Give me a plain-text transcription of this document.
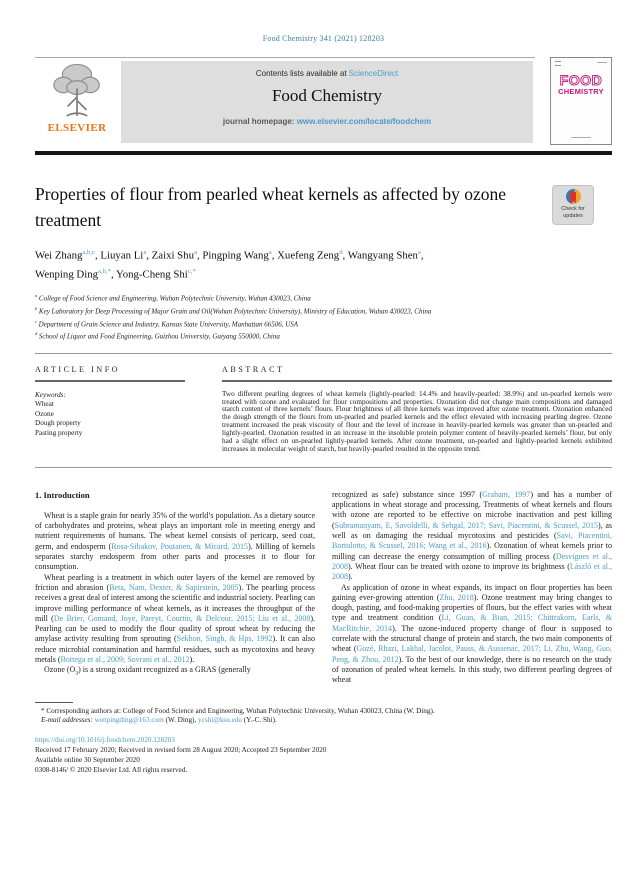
Food Chemistry 341 (2021) 128203
ELSEVIER
Contents lists available at ScienceDirect
Food Chemistry
journal homepage: www.elsevier.com/locate/foodchem
FOOD
CHEMISTRY
Properties of flour from pearled wheat kernels as affected by ozone treatment
Check for
updates
Wei Zhang$^{a,b,c}$, Liuyan Li$^a$, Zaixi Shu$^a$, Pingping Wang$^a$, Xuefeng Zeng$^d$, Wangyang Shen$^a$,
Wenping Ding$^{a,b,*}$, Yong-Cheng Shi$^{c,*}$
$^a$ College of Food Science and Engineering, Wuhan Polytechnic University, Wuhan 430023, China
$^b$ Key Laboratory for Deep Processing of Major Grain and Oil(Wuhan Polytechnic University), Ministry of Education, Wuhan 430023, China
$^c$ Department of Grain Science and Industry, Kansas State University, Manhattan 66506, USA
$^d$ School of Liquor and Food Engineering, Guizhou University, Guiyang 550000, China
ARTICLE INFO
Keywords:
Wheat
Ozone
Dough property
Pasting property
ABSTRACT
Two different pearling degrees of wheat kernels (lightly-pearled: 14.4% and heavily-pearled: 38.9%) and un-pearled kernels were treated with ozone and evaluated for flour compositions and properties. Ozonation did not change main compositions and damaged starch content of three kernels’ flours. Flour brightness of all three kernels was improved after ozone treatment. Ozonation enhanced the dough strength of the flours from un-pearled and pearled kernels and the effect elevated with increasing pearling degree. Ozone treatment increased the peak viscosity of flour and the level of increase in heavily-pearled kernels was greater than un-pearled and lightly-pearled. Ozonation resulted in an increase in the insoluble protein polymer content of heavily-pearled kernels’ flour, but only had a slight effect on un-pearled lightly-pearled kernels. After ozone treatment, un-pearled and lightly-pearled kernels exhibited increases in molecular weight of starch, but heavily-pearled resulted in the opposite trend.
1. Introduction

Wheat is a staple grain for nearly 35% of the world’s population. As a dietary source of carbohydrates and proteins, wheat plays an important role in meeting energy and nutrient requirements of humans. The wheat kernel consists of pericarp, seed coat, germ, and endosperm (Rosa-Sibakov, Poutanen, & Micard, 2015). Milling of kernels separates starchy endosperm from other parts and processes it to flour for consumption.

Wheat pearling is a treatment in which outer layers of the kernel are removed by friction and abrasion (Beta, Nam, Dexter, & Sapirstein, 2005). The pearling process receives a great deal of interest among the scientific and industrial society. Pearling can improve milling performance of wheat kernels, as it increases the throughput of the mill (De Brier, Gomand, Joye, Pareyt, Courtin, & Delcour, 2015; Liu et al., 2008). Pearling can be used to modify the flour quality of sprout wheat by reducing the amylase activity resulting from sprouting (Sekhon, Singh, & Hps, 1992). It can also reduce microbial contamination and harmful residues, such as mycotoxins and heavy metals (Bottega et al., 2009; Sovrani et al., 2012).

Ozone $(O_3)$ is a strong oxidant recognized as a GRAS (generally

recognized as safe) substance since 1997 (Graham, 1997) and has a number of applications in wheat storage and processing. Treatments of wheat kernels and flours with ozone are reported to be effective on microbe inactivation and pest killing (Subramanyam, E, Savoldelli, & Sehgal, 2017; Savi, Piacentini, & Scussel, 2015), as well as on damaging the residual mycotoxins and pesticides (Savi, Piacentini, Bortolotto, & Scussel, 2016; Wang et al., 2016). Ozonation of wheat kernels prior to milling can decrease the energy consumption of milling process (Desvignes et al., 2008). Wheat flour can be treated with ozone to improve its brightness (László et al., 2008).

As application of ozone in wheat expands, its impact on flour properties has been gaining ever-growing attention (Zhu, 2018). Ozone treatment may bring changes to dough, pasting, and food-making properties of flours, but the effect varies with wheat type and treatment condition (Li, Guan, & Bian, 2015; Chittrakorn, Earls, & MacRitchie, 2014). The ozone-induced property change of flour is supposed to correlate with the structural change of protein and starch, the two main components of wheat (Gozé, Rhazi, Lakhal, Jacolot, Pauss, & Aussenac, 2017; Li, Zhu, Wang, Guo, Peng, & Zhou, 2012). To the best of our knowledge, there is no research on the study of ozonation of pealed wheat kernels. In this study, two different pearling degrees of wheat

* Corresponding authors at: College of Food Science and Engineering, Wuhan Polytechnic University, Wuhan 430023, China (W. Ding).
E-mail addresses: wenpingding@163.com (W. Ding), ycshi@ksu.edu (Y.-C. Shi).
https://doi.org/10.1016/j.foodchem.2020.128203
Received 17 February 2020; Received in revised form 28 August 2020; Accepted 23 September 2020
Available online 30 September 2020
0308-8146/ © 2020 Elsevier Ltd. All rights reserved.
